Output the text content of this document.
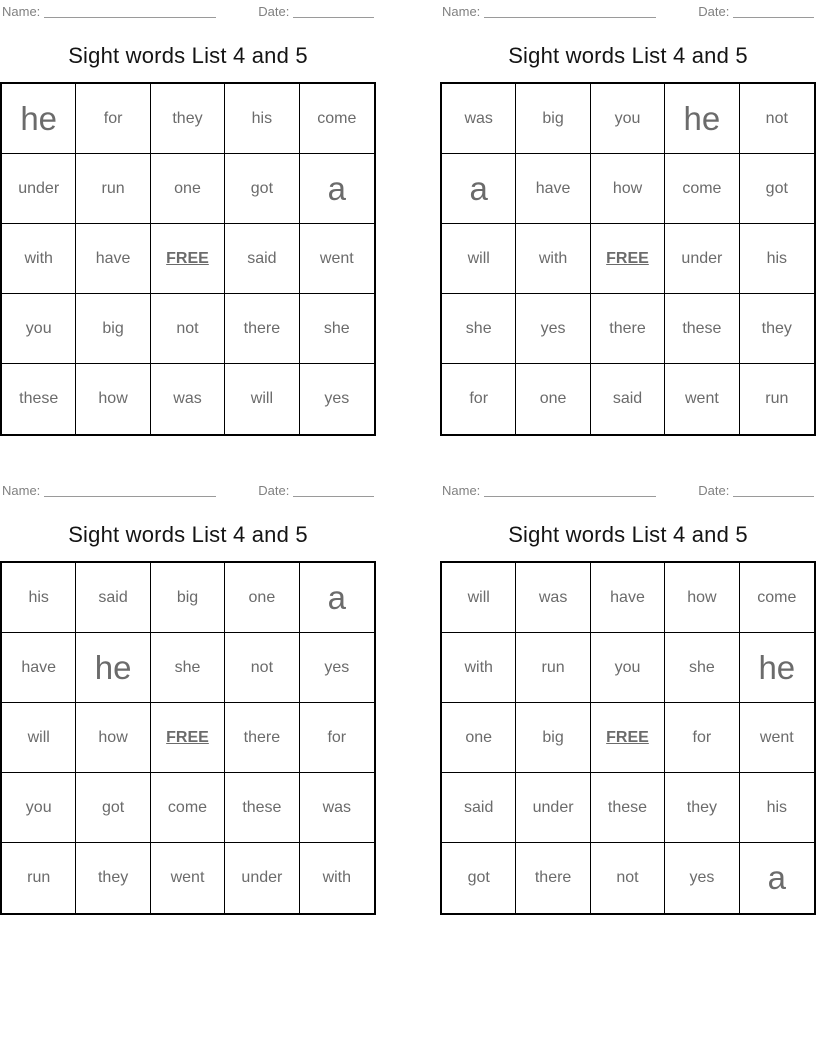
Name:	Date:
Sight words List 4 and 5
he	for	they	his	come
under	run	one	got	a
with	have	FREE	said	went
you	big	not	there	she
these	how	was	will	yes
Name:	Date:
Sight words List 4 and 5
was	big	you	he	not
a	have	how	come	got
will	with	FREE	under	his
she	yes	there	these	they
for	one	said	went	run
Name:	Date:
Sight words List 4 and 5
his	said	big	one	a
have	he	she	not	yes
will	how	FREE	there	for
you	got	come	these	was
run	they	went	under	with
Name:	Date:
Sight words List 4 and 5
will	was	have	how	come
with	run	you	she	he
one	big	FREE	for	went
said	under	these	they	his
got	there	not	yes	a
